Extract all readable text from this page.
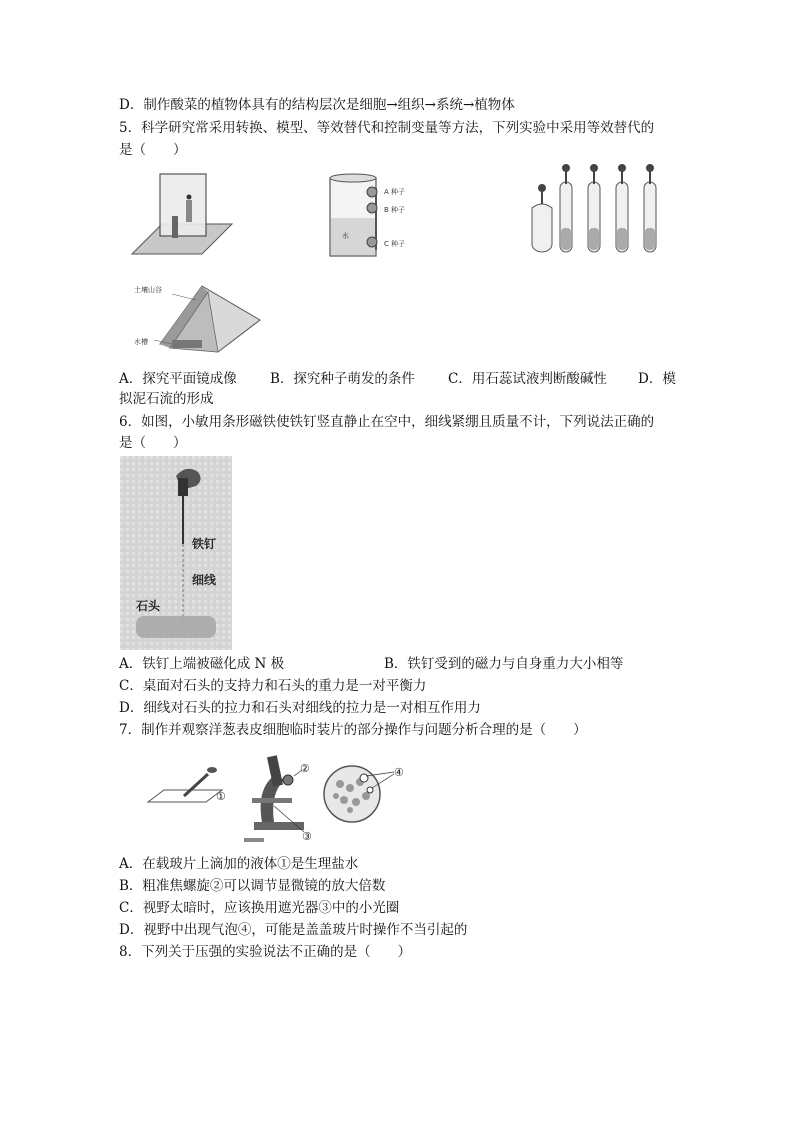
D．制作酸菜的植物体具有的结构层次是细胞→组织→系统→植物体
5．科学研究常采用转换、模型、等效替代和控制变量等方法，下列实验中采用等效替代的
是（　　）
A 种子
B 种子
水
C 种子
土壤山谷
水槽
A．探究平面镜成像 B．探究种子萌发的条件 C．用石蕊试液判断酸碱性 D．模
拟泥石流的形成
6．如图，小敏用条形磁铁使铁钉竖直静止在空中，细线紧绷且质量不计，下列说法正确的
是（　　）
铁钉
细线
石头
A．铁钉上端被磁化成 N 极	B．铁钉受到的磁力与自身重力大小相等
C．桌面对石头的支持力和石头的重力是一对平衡力
D．细线对石头的拉力和石头对细线的拉力是一对相互作用力
7．制作并观察洋葱表皮细胞临时装片的部分操作与问题分析合理的是（　　）
①
②
③
④
A．在载玻片上滴加的液体①是生理盐水
B．粗准焦螺旋②可以调节显微镜的放大倍数
C．视野太暗时，应该换用遮光器③中的小光圈
D．视野中出现气泡④，可能是盖盖玻片时操作不当引起的
8．下列关于压强的实验说法不正确的是（　　）
